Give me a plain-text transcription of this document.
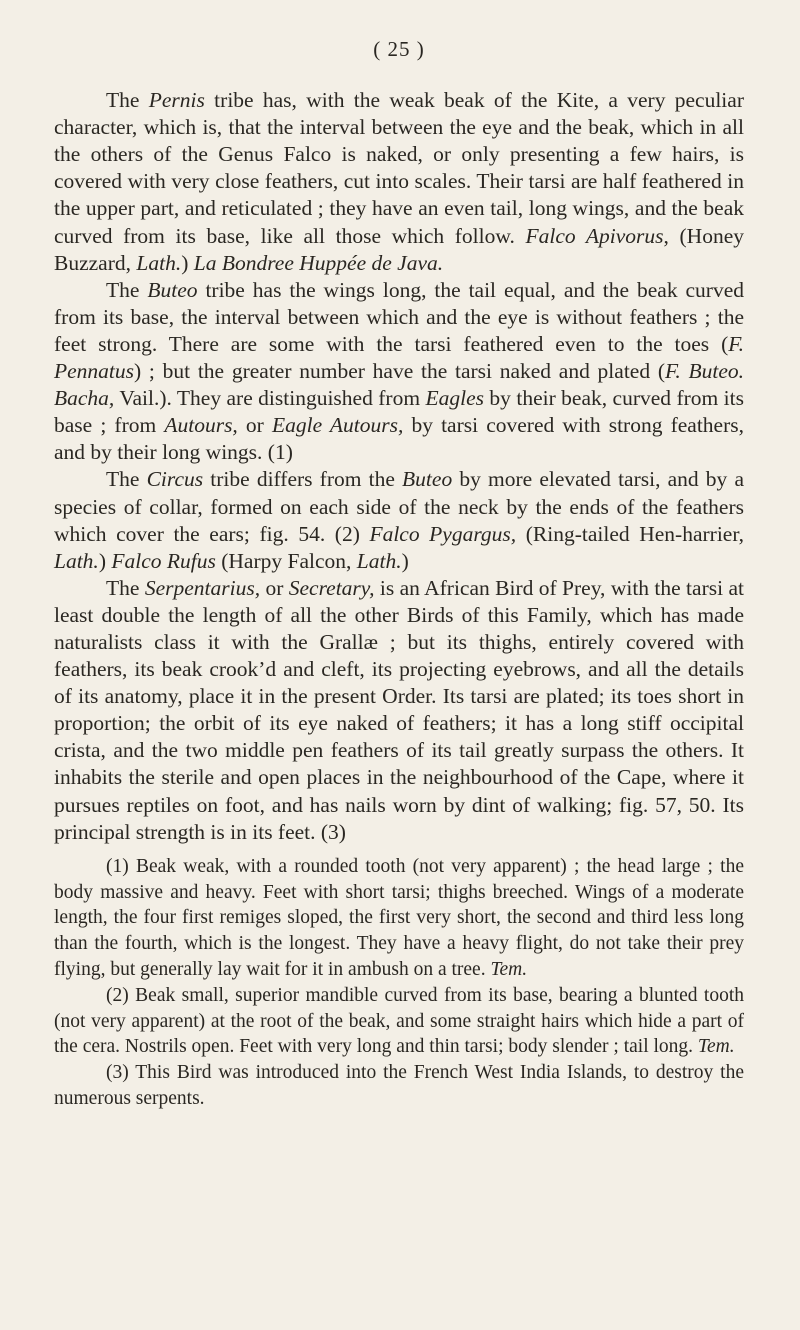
( 25 )

The Pernis tribe has, with the weak beak of the Kite, a very peculiar character, which is, that the interval between the eye and the beak, which in all the others of the Genus Falco is naked, or only presenting a few hairs, is covered with very close feathers, cut into scales. Their tarsi are half feathered in the upper part, and reticulated ; they have an even tail, long wings, and the beak curved from its base, like all those which follow. Falco Apivorus, (Honey Buzzard, Lath.) La Bondree Huppée de Java.

The Buteo tribe has the wings long, the tail equal, and the beak curved from its base, the interval between which and the eye is without feathers ; the feet strong. There are some with the tarsi feathered even to the toes (F. Pennatus) ; but the greater number have the tarsi naked and plated (F. Buteo. Bacha, Vail.). They are distinguished from Eagles by their beak, curved from its base ; from Autours, or Eagle Autours, by tarsi covered with strong feathers, and by their long wings. (1)

The Circus tribe differs from the Buteo by more elevated tarsi, and by a species of collar, formed on each side of the neck by the ends of the feathers which cover the ears; fig. 54. (2) Falco Pygargus, (Ring-tailed Hen-harrier, Lath.) Falco Rufus (Harpy Falcon, Lath.)

The Serpentarius, or Secretary, is an African Bird of Prey, with the tarsi at least double the length of all the other Birds of this Family, which has made naturalists class it with the Grallæ ; but its thighs, entirely covered with feathers, its beak crook’d and cleft, its projecting eyebrows, and all the details of its anatomy, place it in the present Order. Its tarsi are plated; its toes short in proportion; the orbit of its eye naked of feathers; it has a long stiff occipital crista, and the two middle pen feathers of its tail greatly surpass the others. It inhabits the sterile and open places in the neighbourhood of the Cape, where it pursues reptiles on foot, and has nails worn by dint of walking; fig. 57, 50. Its principal strength is in its feet. (3)

(1) Beak weak, with a rounded tooth (not very apparent) ; the head large ; the body massive and heavy. Feet with short tarsi; thighs breeched. Wings of a moderate length, the four first remiges sloped, the first very short, the second and third less long than the fourth, which is the longest. They have a heavy flight, do not take their prey flying, but generally lay wait for it in ambush on a tree. Tem.

(2) Beak small, superior mandible curved from its base, bearing a blunted tooth (not very apparent) at the root of the beak, and some straight hairs which hide a part of the cera. Nostrils open. Feet with very long and thin tarsi; body slender ; tail long. Tem.

(3) This Bird was introduced into the French West India Islands, to destroy the numerous serpents.
